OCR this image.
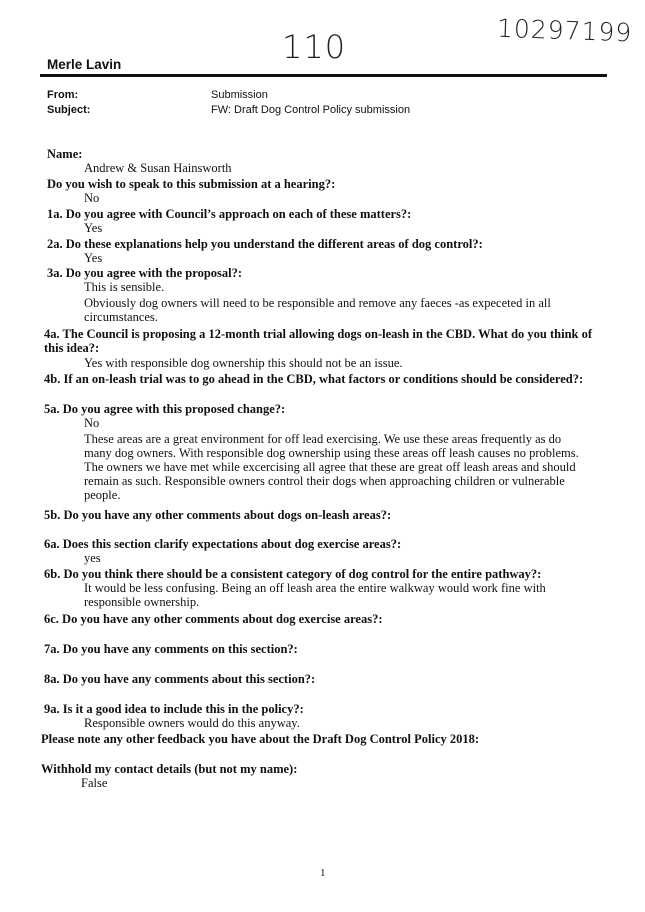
10297199
110
Merle Lavin
From:	Submission
Subject:	FW: Draft Dog Control Policy submission
Name:
Andrew & Susan Hainsworth
Do you wish to speak to this submission at a hearing?:
No
1a. Do you agree with Council’s approach on each of these matters?:
Yes
2a. Do these explanations help you understand the different areas of dog control?:
Yes
3a. Do you agree with the proposal?:
This is sensible.
Obviously dog owners will need to be responsible and remove any faeces -as expeceted in all circumstances.
4a. The Council is proposing a 12-month trial allowing dogs on-leash in the CBD. What do you think of this idea?:
Yes with responsible dog ownership this should not be an issue.
4b. If an on-leash trial was to go ahead in the CBD, what factors or conditions should be considered?:
5a. Do you agree with this proposed change?:
No
These areas are a great environment for off lead exercising. We use these areas frequently as do many dog owners. With responsible dog ownership using these areas off leash causes no problems. The owners we have met while excercising all agree that these are great off leash areas and should remain as such. Responsible owners control their dogs when approaching children or vulnerable people.
5b. Do you have any other comments about dogs on-leash areas?:
6a. Does this section clarify expectations about dog exercise areas?:
yes
6b. Do you think there should be a consistent category of dog control for the entire pathway?:
It would be less confusing. Being an off leash area the entire walkway would work fine with responsible ownership.
6c. Do you have any other comments about dog exercise areas?:
7a. Do you have any comments on this section?:
8a. Do you have any comments about this section?:
9a. Is it a good idea to include this in the policy?:
Responsible owners would do this anyway.
Please note any other feedback you have about the Draft Dog Control Policy 2018:
Withhold my contact details (but not my name):
False
1
